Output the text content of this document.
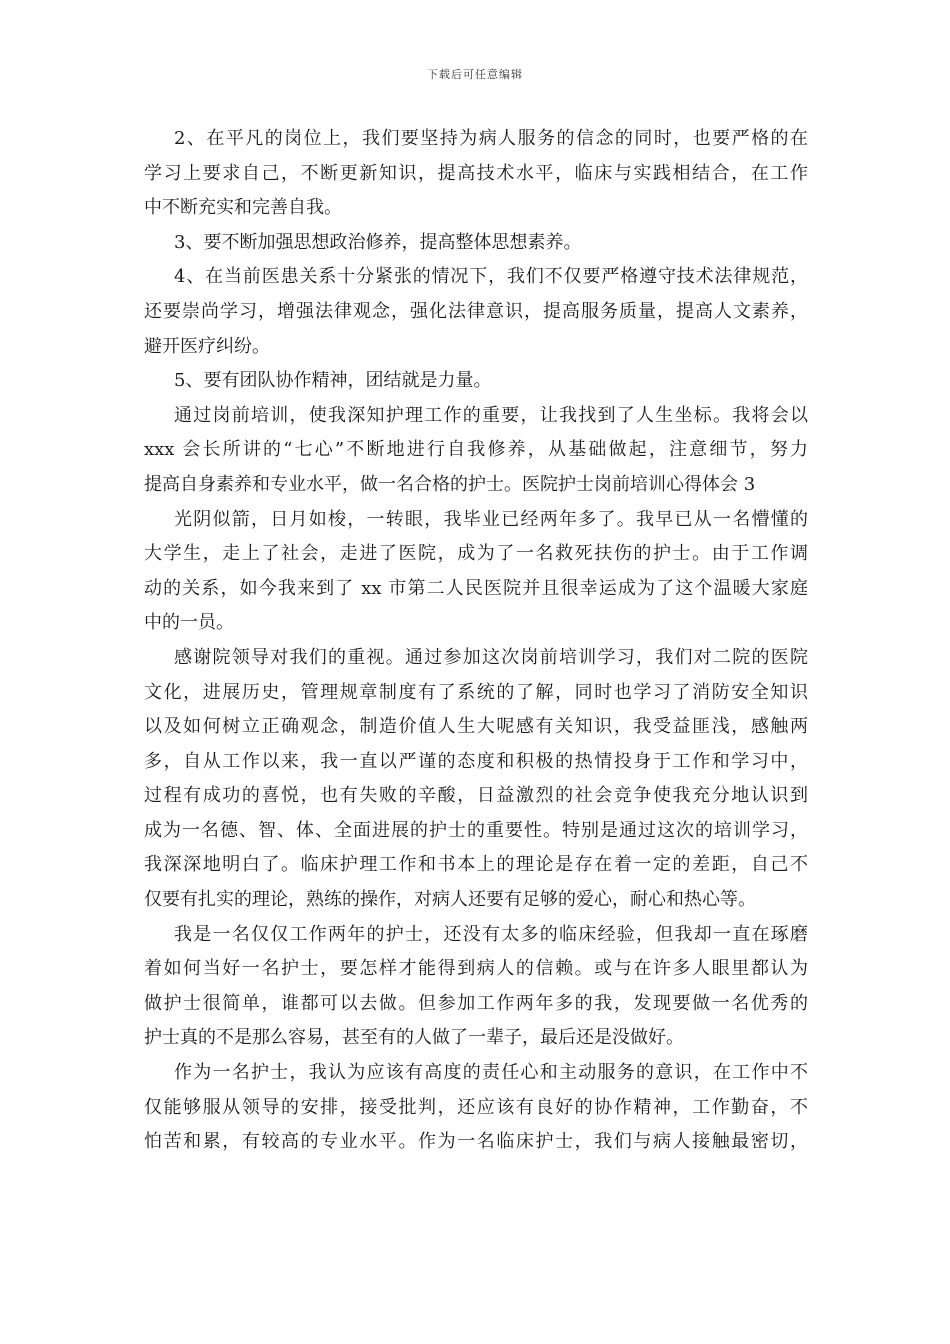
下载后可任意编辑
2、在平凡的岗位上，我们要坚持为病人服务的信念的同时，也要严格的在
学习上要求自己，不断更新知识，提高技术水平，临床与实践相结合，在工作
中不断充实和完善自我。
3、要不断加强思想政治修养，提高整体思想素养。
4、在当前医患关系十分紧张的情况下，我们不仅要严格遵守技术法律规范，
还要崇尚学习，增强法律观念，强化法律意识，提高服务质量，提高人文素养，
避开医疗纠纷。
5、要有团队协作精神，团结就是力量。
通过岗前培训，使我深知护理工作的重要，让我找到了人生坐标。我将会以
xxx 会长所讲的“七心”不断地进行自我修养，从基础做起，注意细节，努力
提高自身素养和专业水平，做一名合格的护士。医院护士岗前培训心得体会 3
光阴似箭，日月如梭，一转眼，我毕业已经两年多了。我早已从一名懵懂的
大学生，走上了社会，走进了医院，成为了一名救死扶伤的护士。由于工作调
动的关系，如今我来到了 xx 市第二人民医院并且很幸运成为了这个温暖大家庭
中的一员。
感谢院领导对我们的重视。通过参加这次岗前培训学习，我们对二院的医院
文化，进展历史，管理规章制度有了系统的了解，同时也学习了消防安全知识
以及如何树立正确观念，制造价值人生大呢感有关知识，我受益匪浅，感触两
多，自从工作以来，我一直以严谨的态度和积极的热情投身于工作和学习中，
过程有成功的喜悦，也有失败的辛酸，日益激烈的社会竞争使我充分地认识到
成为一名德、智、体、全面进展的护士的重要性。特别是通过这次的培训学习，
我深深地明白了。临床护理工作和书本上的理论是存在着一定的差距，自己不
仅要有扎实的理论，熟练的操作，对病人还要有足够的爱心，耐心和热心等。
我是一名仅仅工作两年的护士，还没有太多的临床经验，但我却一直在琢磨
着如何当好一名护士，要怎样才能得到病人的信赖。或与在许多人眼里都认为
做护士很简单，谁都可以去做。但参加工作两年多的我，发现要做一名优秀的
护士真的不是那么容易，甚至有的人做了一辈子，最后还是没做好。
作为一名护士，我认为应该有高度的责任心和主动服务的意识，在工作中不
仅能够服从领导的安排，接受批判，还应该有良好的协作精神，工作勤奋，不
怕苦和累，有较高的专业水平。作为一名临床护士，我们与病人接触最密切，
